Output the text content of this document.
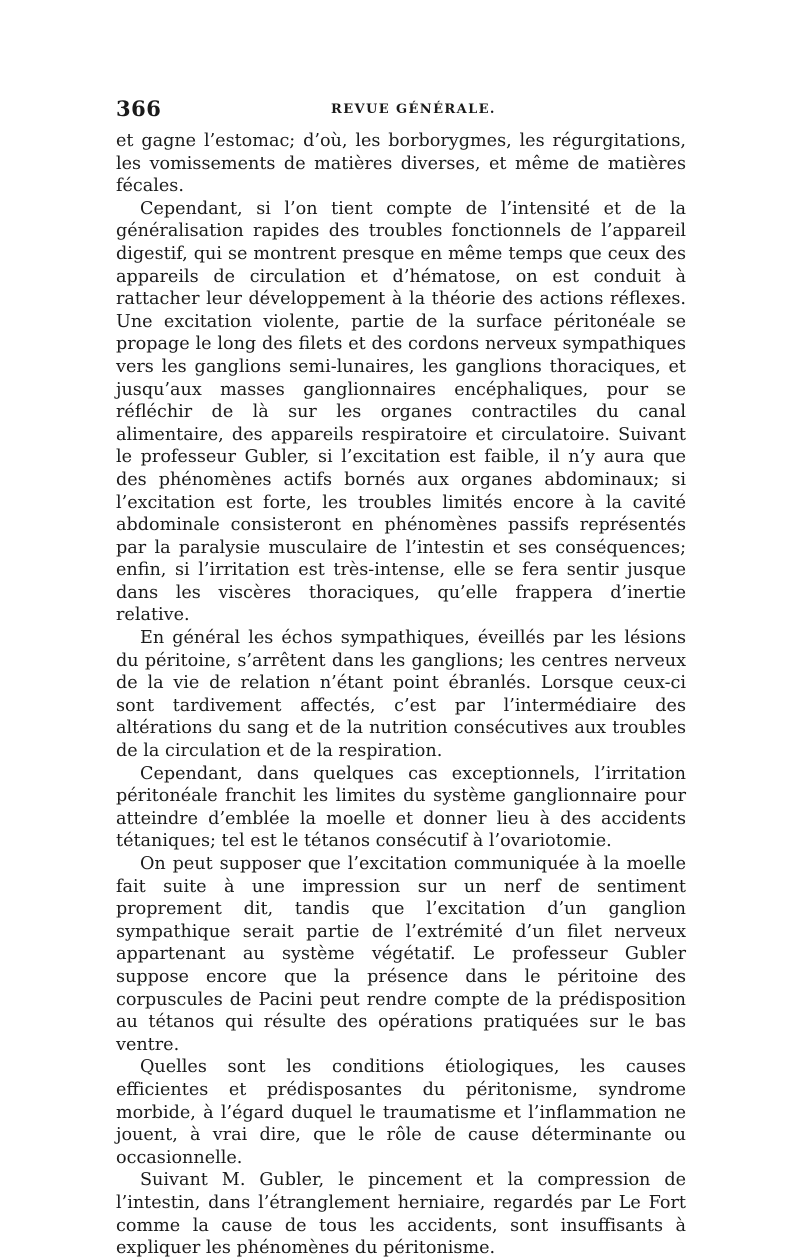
366	REVUE GÉNÉRALE.

et gagne l’estomac; d’où, les borborygmes, les régurgitations, les vomissements de matières diverses, et même de matières fécales.

Cependant, si l’on tient compte de l’intensité et de la généralisation rapides des troubles fonctionnels de l’appareil digestif, qui se montrent presque en même temps que ceux des appareils de circulation et d’hématose, on est conduit à rattacher leur développement à la théorie des actions réflexes. Une excitation violente, partie de la surface péritonéale se propage le long des filets et des cordons nerveux sympathiques vers les ganglions semi-lunaires, les ganglions thoraciques, et jusqu’aux masses ganglionnaires encéphaliques, pour se réfléchir de là sur les organes contractiles du canal alimentaire, des appareils respiratoire et circulatoire. Suivant le professeur Gubler, si l’excitation est faible, il n’y aura que des phénomènes actifs bornés aux organes abdominaux; si l’excitation est forte, les troubles limités encore à la cavité abdominale consisteront en phénomènes passifs représentés par la paralysie musculaire de l’intestin et ses conséquences; enfin, si l’irritation est très-intense, elle se fera sentir jusque dans les viscères thoraciques, qu’elle frappera d’inertie relative.

En général les échos sympathiques, éveillés par les lésions du péritoine, s’arrêtent dans les ganglions; les centres nerveux de la vie de relation n’étant point ébranlés. Lorsque ceux-ci sont tardivement affectés, c’est par l’intermédiaire des altérations du sang et de la nutrition consécutives aux troubles de la circulation et de la respiration.

Cependant, dans quelques cas exceptionnels, l’irritation péritonéale franchit les limites du système ganglionnaire pour atteindre d’emblée la moelle et donner lieu à des accidents tétaniques; tel est le tétanos consécutif à l’ovariotomie.

On peut supposer que l’excitation communiquée à la moelle fait suite à une impression sur un nerf de sentiment proprement dit, tandis que l’excitation d’un ganglion sympathique serait partie de l’extrémité d’un filet nerveux appartenant au système végétatif. Le professeur Gubler suppose encore que la présence dans le péritoine des corpuscules de Pacini peut rendre compte de la prédisposition au tétanos qui résulte des opérations pratiquées sur le bas ventre.

Quelles sont les conditions étiologiques, les causes efficientes et prédisposantes du péritonisme, syndrome morbide, à l’égard duquel le traumatisme et l’inflammation ne jouent, à vrai dire, que le rôle de cause déterminante ou occasionnelle.

Suivant M. Gubler, le pincement et la compression de l’intestin, dans l’étranglement herniaire, regardés par Le Fort comme la cause de tous les accidents, sont insuffisants à expliquer les phénomènes du péritonisme.
